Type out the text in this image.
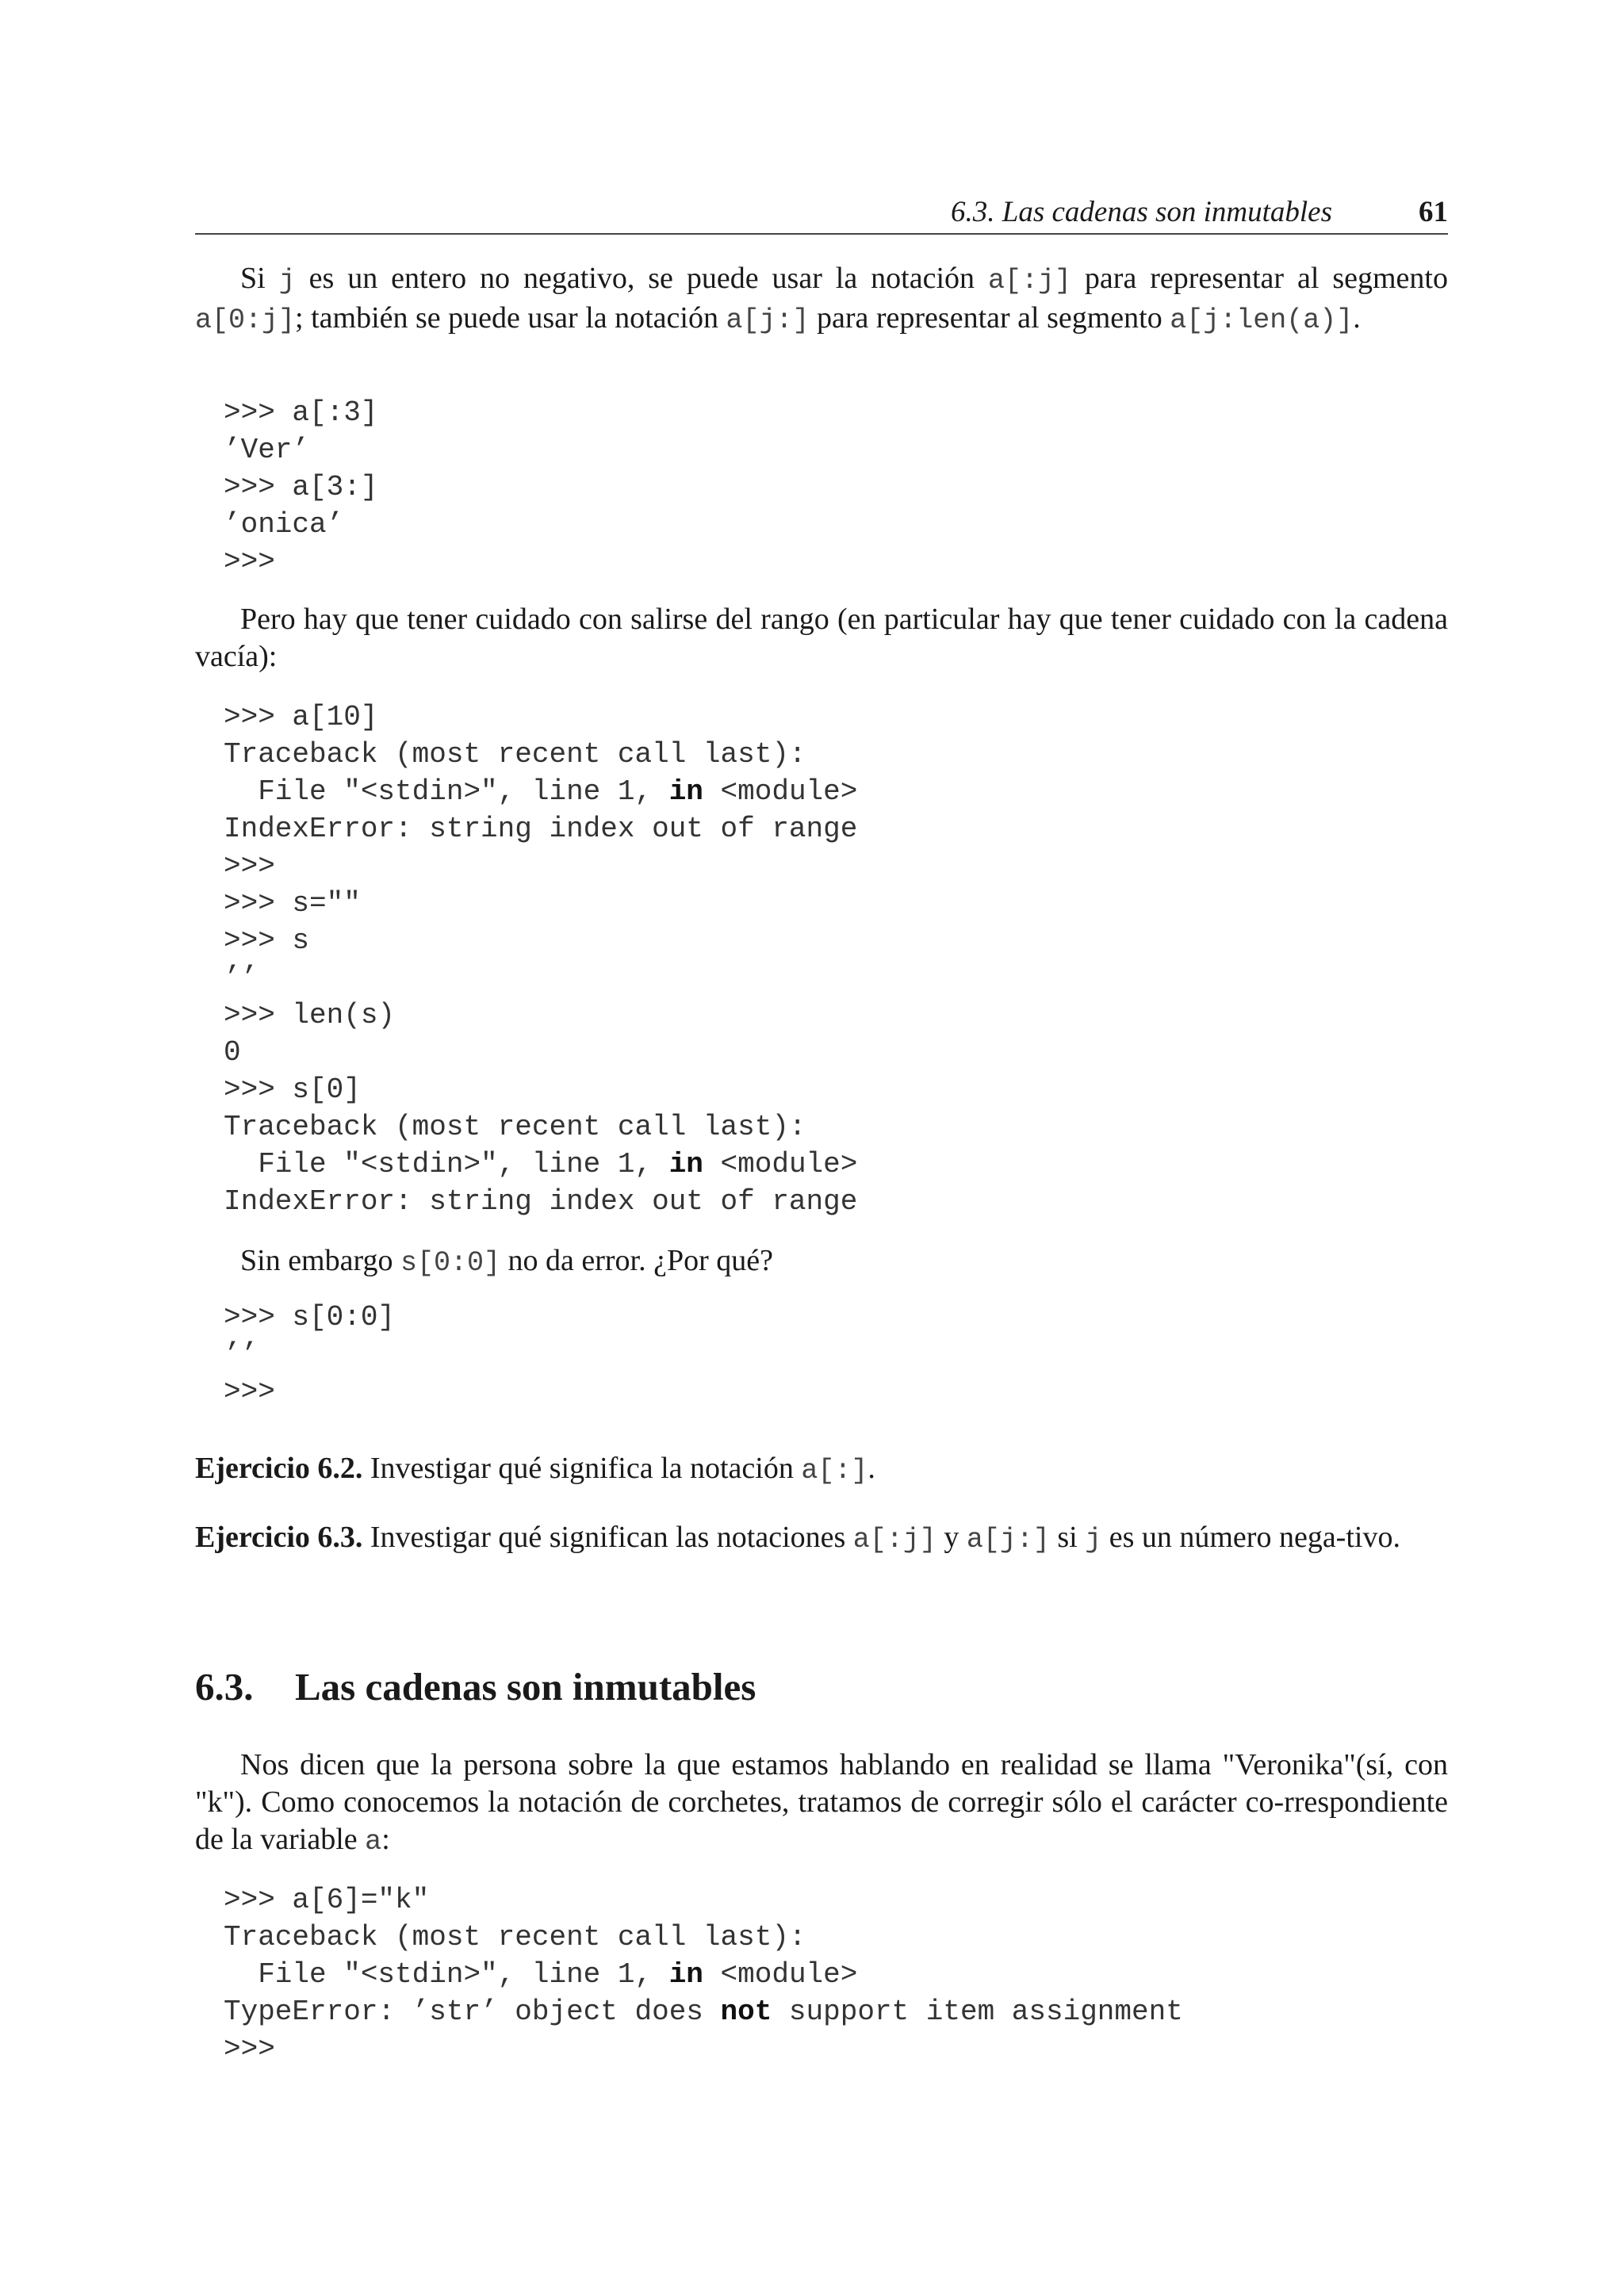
6.3. Las cadenas son inmutables	61
Si j es un entero no negativo, se puede usar la notación a[:j] para representar al segmento a[0:j]; también se puede usar la notación a[j:] para representar al segmento a[j:len(a)].
>>> a[:3]
’Ver’
>>> a[3:]
’onica’
>>>
Pero hay que tener cuidado con salirse del rango (en particular hay que tener cuidado con la cadena vacía):
>>> a[10]
Traceback (most recent call last):
File "<stdin>", line 1, in <module>
IndexError: string index out of range
>>>
>>> s=""
>>> s
’’
>>> len(s)
0
>>> s[0]
Traceback (most recent call last):
File "<stdin>", line 1, in <module>
IndexError: string index out of range
Sin embargo s[0:0] no da error. ¿Por qué?
>>> s[0:0]
’’
>>>
Ejercicio 6.2. Investigar qué significa la notación a[:].
Ejercicio 6.3. Investigar qué significan las notaciones a[:j] y a[j:] si j es un número nega-tivo.
6.3. Las cadenas son inmutables
Nos dicen que la persona sobre la que estamos hablando en realidad se llama "Veronika"(sí, con "k"). Como conocemos la notación de corchetes, tratamos de corregir sólo el carácter co-rrespondiente de la variable a:
>>> a[6]="k"
Traceback (most recent call last):
File "<stdin>", line 1, in <module>
TypeError: ’str’ object does not support item assignment
>>>
